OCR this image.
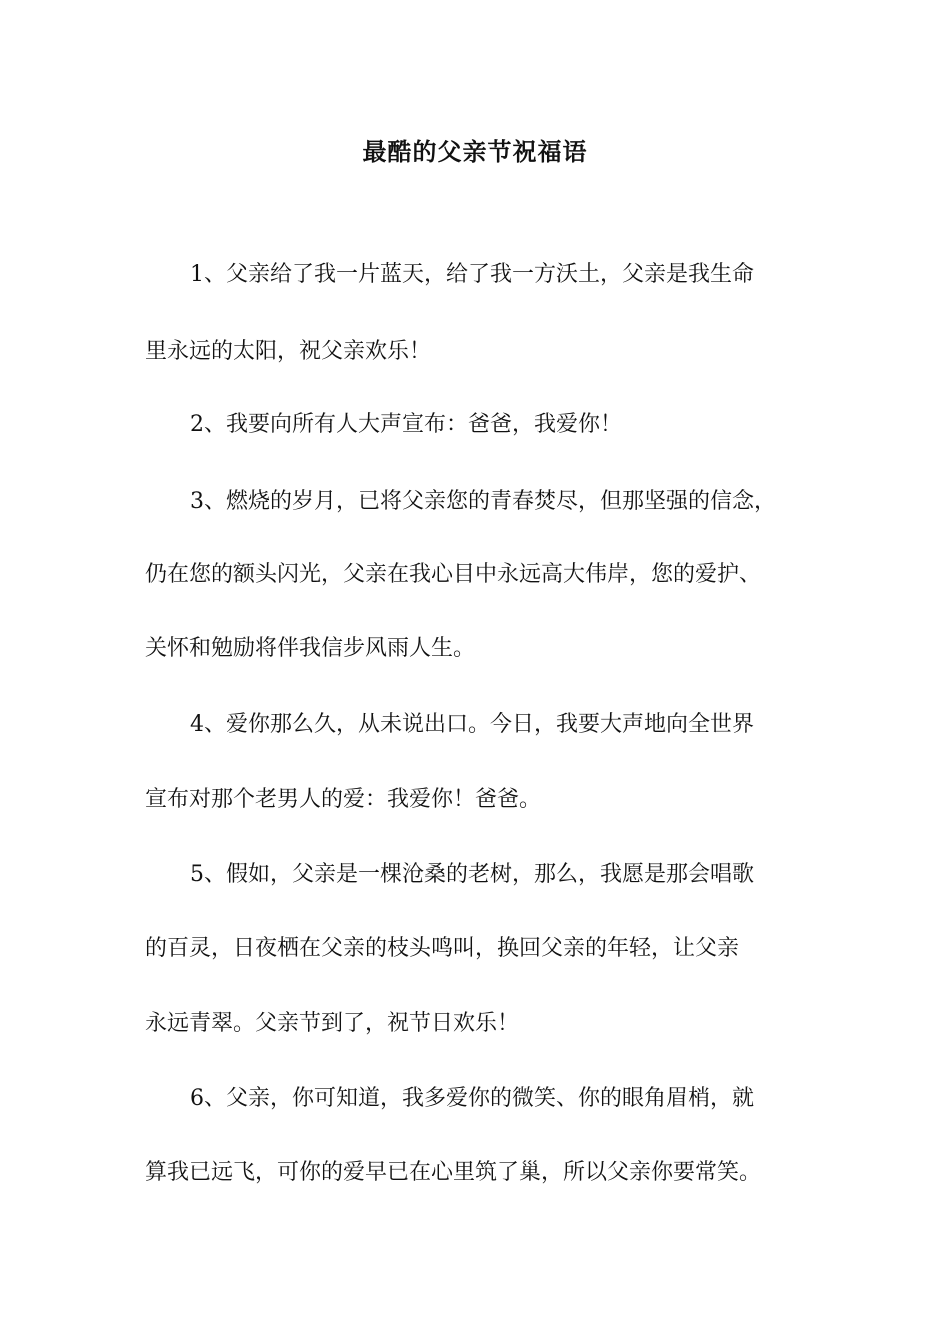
最酷的父亲节祝福语

1、父亲给了我一片蓝天，给了我一方沃土，父亲是我生命

里永远的太阳，祝父亲欢乐！

2、我要向所有人大声宣布：爸爸，我爱你！

3、燃烧的岁月，已将父亲您的青春焚尽，但那坚强的信念，

仍在您的额头闪光，父亲在我心目中永远高大伟岸，您的爱护、

关怀和勉励将伴我信步风雨人生。

4、爱你那么久，从未说出口。今日，我要大声地向全世界

宣布对那个老男人的爱：我爱你！爸爸。

5、假如，父亲是一棵沧桑的老树，那么，我愿是那会唱歌

的百灵，日夜栖在父亲的枝头鸣叫，换回父亲的年轻，让父亲

永远青翠。父亲节到了，祝节日欢乐！

6、父亲，你可知道，我多爱你的微笑、你的眼角眉梢，就

算我已远飞，可你的爱早已在心里筑了巢，所以父亲你要常笑。
